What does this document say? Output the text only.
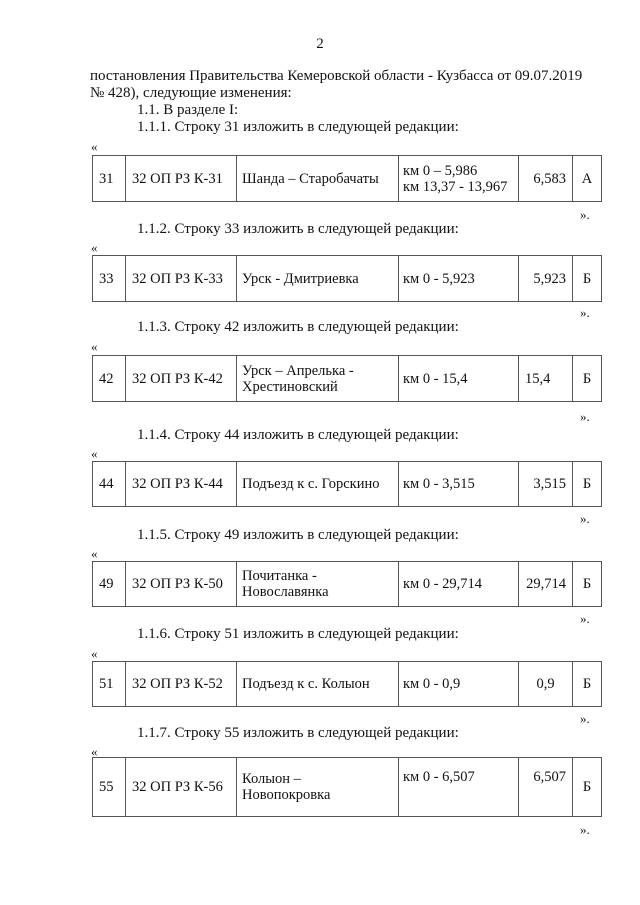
2
постановления Правительства Кемеровской области - Кузбасса от 09.07.2019
№ 428), следующие изменения:
1.1. В разделе I:
1.1.1. Строку 31 изложить в следующей редакции:
«
31	32 ОП РЗ К-31	Шанда – Старобачаты	км 0 – 5,986
км 13,37 - 13,967	6,583	А
».
1.1.2. Строку 33 изложить в следующей редакции:
«
33	32 ОП РЗ К-33	Урск - Дмитриевка	км 0 - 5,923	5,923	Б
».
1.1.3. Строку 42 изложить в следующей редакции:
«
42	32 ОП РЗ К-42	Урск – Апрелька - Хрестиновский	км 0 - 15,4	15,4	Б
».
1.1.4. Строку 44 изложить в следующей редакции:
«
44	32 ОП РЗ К-44	Подъезд к с. Горскино	км 0 - 3,515	3,515	Б
».
1.1.5. Строку 49 изложить в следующей редакции:
«
49	32 ОП РЗ К-50	Почитанка - Новославянка	км 0 - 29,714	29,714	Б
».
1.1.6. Строку 51 изложить в следующей редакции:
«
51	32 ОП РЗ К-52	Подъезд к с. Колыон	км 0 - 0,9	0,9	Б
».
1.1.7. Строку 55 изложить в следующей редакции:
«
55	32 ОП РЗ К-56	Колыон – Новопокровка	км 0 - 6,507	6,507	Б
».
